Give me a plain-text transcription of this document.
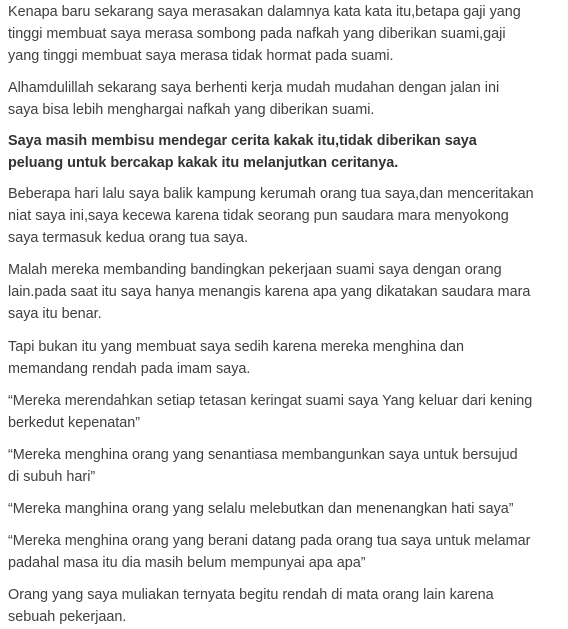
Kenapa baru sekarang saya merasakan dalamnya kata kata itu,betapa gaji yang
tinggi membuat saya merasa sombong pada nafkah yang diberikan suami,gaji
yang tinggi membuat saya merasa tidak hormat pada suami.

Alhamdulillah sekarang saya berhenti kerja mudah mudahan dengan jalan ini
saya bisa lebih menghargai nafkah yang diberikan suami.

Saya masih membisu mendegar cerita kakak itu,tidak diberikan saya
peluang untuk bercakap kakak itu melanjutkan ceritanya.

Beberapa hari lalu saya balik kampung kerumah orang tua saya,dan menceritakan
niat saya ini,saya kecewa karena tidak seorang pun saudara mara menyokong
saya termasuk kedua orang tua saya.

Malah mereka membanding bandingkan pekerjaan suami saya dengan orang
lain.pada saat itu saya hanya menangis karena apa yang dikatakan saudara mara
saya itu benar.

Tapi bukan itu yang membuat saya sedih karena mereka menghina dan
memandang rendah pada imam saya.

“Mereka merendahkan setiap tetasan keringat suami saya Yang keluar dari kening
berkedut kepenatan”

“Mereka menghina orang yang senantiasa membangunkan saya untuk bersujud
di subuh hari”

“Mereka manghina orang yang selalu melebutkan dan menenangkan hati saya”

“Mereka menghina orang yang berani datang pada orang tua saya untuk melamar
padahal masa itu dia masih belum mempunyai apa apa”

Orang yang saya muliakan ternyata begitu rendah di mata orang lain karena
sebuah pekerjaan.
